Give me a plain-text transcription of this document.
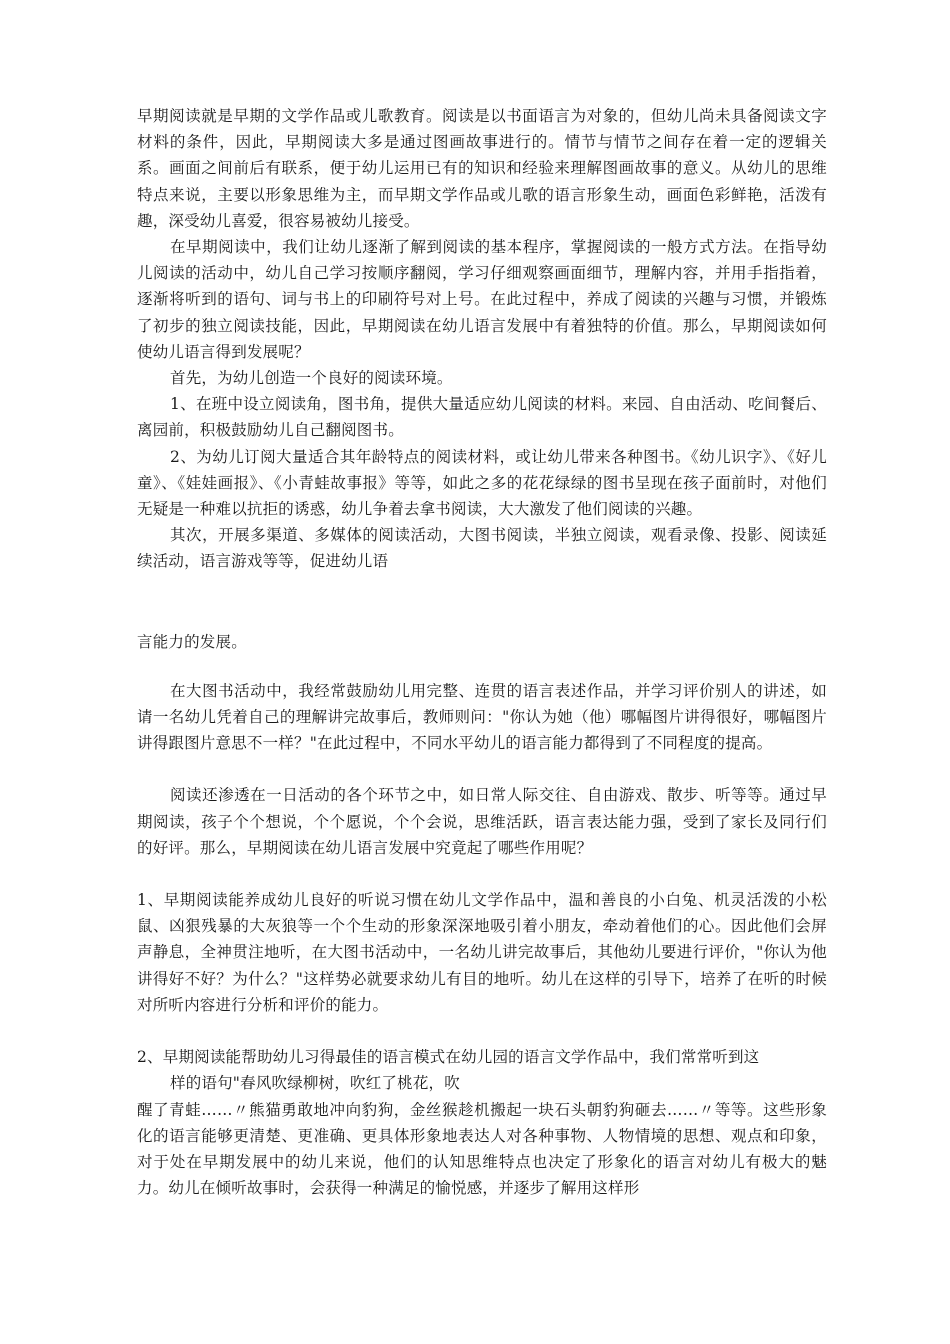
早期阅读就是早期的文学作品或儿歌教育。阅读是以书面语言为对象的，但幼儿尚未具备阅读文字材料的条件，因此，早期阅读大多是通过图画故事进行的。情节与情节之间存在着一定的逻辑关系。画面之间前后有联系，便于幼儿运用已有的知识和经验来理解图画故事的意义。从幼儿的思维特点来说，主要以形象思维为主，而早期文学作品或儿歌的语言形象生动，画面色彩鲜艳，活泼有趣，深受幼儿喜爱，很容易被幼儿接受。

在早期阅读中，我们让幼儿逐渐了解到阅读的基本程序，掌握阅读的一般方式方法。在指导幼儿阅读的活动中，幼儿自己学习按顺序翻阅，学习仔细观察画面细节，理解内容，并用手指指着，逐渐将听到的语句、词与书上的印刷符号对上号。在此过程中，养成了阅读的兴趣与习惯，并锻炼了初步的独立阅读技能，因此，早期阅读在幼儿语言发展中有着独特的价值。那么，早期阅读如何使幼儿语言得到发展呢？

首先，为幼儿创造一个良好的阅读环境。

1、在班中设立阅读角，图书角，提供大量适应幼儿阅读的材料。来园、自由活动、吃间餐后、离园前，积极鼓励幼儿自己翻阅图书。

2、为幼儿订阅大量适合其年龄特点的阅读材料，或让幼儿带来各种图书。《幼儿识字》、《好儿童》、《娃娃画报》、《小青蛙故事报》等等，如此之多的花花绿绿的图书呈现在孩子面前时，对他们无疑是一种难以抗拒的诱惑，幼儿争着去拿书阅读，大大激发了他们阅读的兴趣。

其次，开展多渠道、多媒体的阅读活动，大图书阅读，半独立阅读，观看录像、投影、阅读延续活动，语言游戏等等，促进幼儿语

言能力的发展。

在大图书活动中，我经常鼓励幼儿用完整、连贯的语言表述作品，并学习评价别人的讲述，如请一名幼儿凭着自己的理解讲完故事后，教师则问："你认为她（他）哪幅图片讲得很好，哪幅图片讲得跟图片意思不一样？"在此过程中，不同水平幼儿的语言能力都得到了不同程度的提高。

阅读还渗透在一日活动的各个环节之中，如日常人际交往、自由游戏、散步、听等等。通过早期阅读，孩子个个想说，个个愿说，个个会说，思维活跃，语言表达能力强，受到了家长及同行们的好评。那么，早期阅读在幼儿语言发展中究竟起了哪些作用呢？

1、早期阅读能养成幼儿良好的听说习惯在幼儿文学作品中，温和善良的小白兔、机灵活泼的小松鼠、凶狠残暴的大灰狼等一个个生动的形象深深地吸引着小朋友，牵动着他们的心。因此他们会屏声静息，全神贯注地听，在大图书活动中，一名幼儿讲完故事后，其他幼儿要进行评价，"你认为他讲得好不好？为什么？"这样势必就要求幼儿有目的地听。幼儿在这样的引导下，培养了在听的时候对所听内容进行分析和评价的能力。

2、早期阅读能帮助幼儿习得最佳的语言模式在幼儿园的语言文学作品中，我们常常听到这

样的语句"春风吹绿柳树，吹红了桃花，吹

醒了青蛙……〃熊猫勇敢地冲向豹狗，金丝猴趁机搬起一块石头朝豹狗砸去……〃等等。这些形象化的语言能够更清楚、更准确、更具体形象地表达人对各种事物、人物情境的思想、观点和印象，对于处在早期发展中的幼儿来说，他们的认知思维特点也决定了形象化的语言对幼儿有极大的魅力。幼儿在倾听故事时，会获得一种满足的愉悦感，并逐步了解用这样形
